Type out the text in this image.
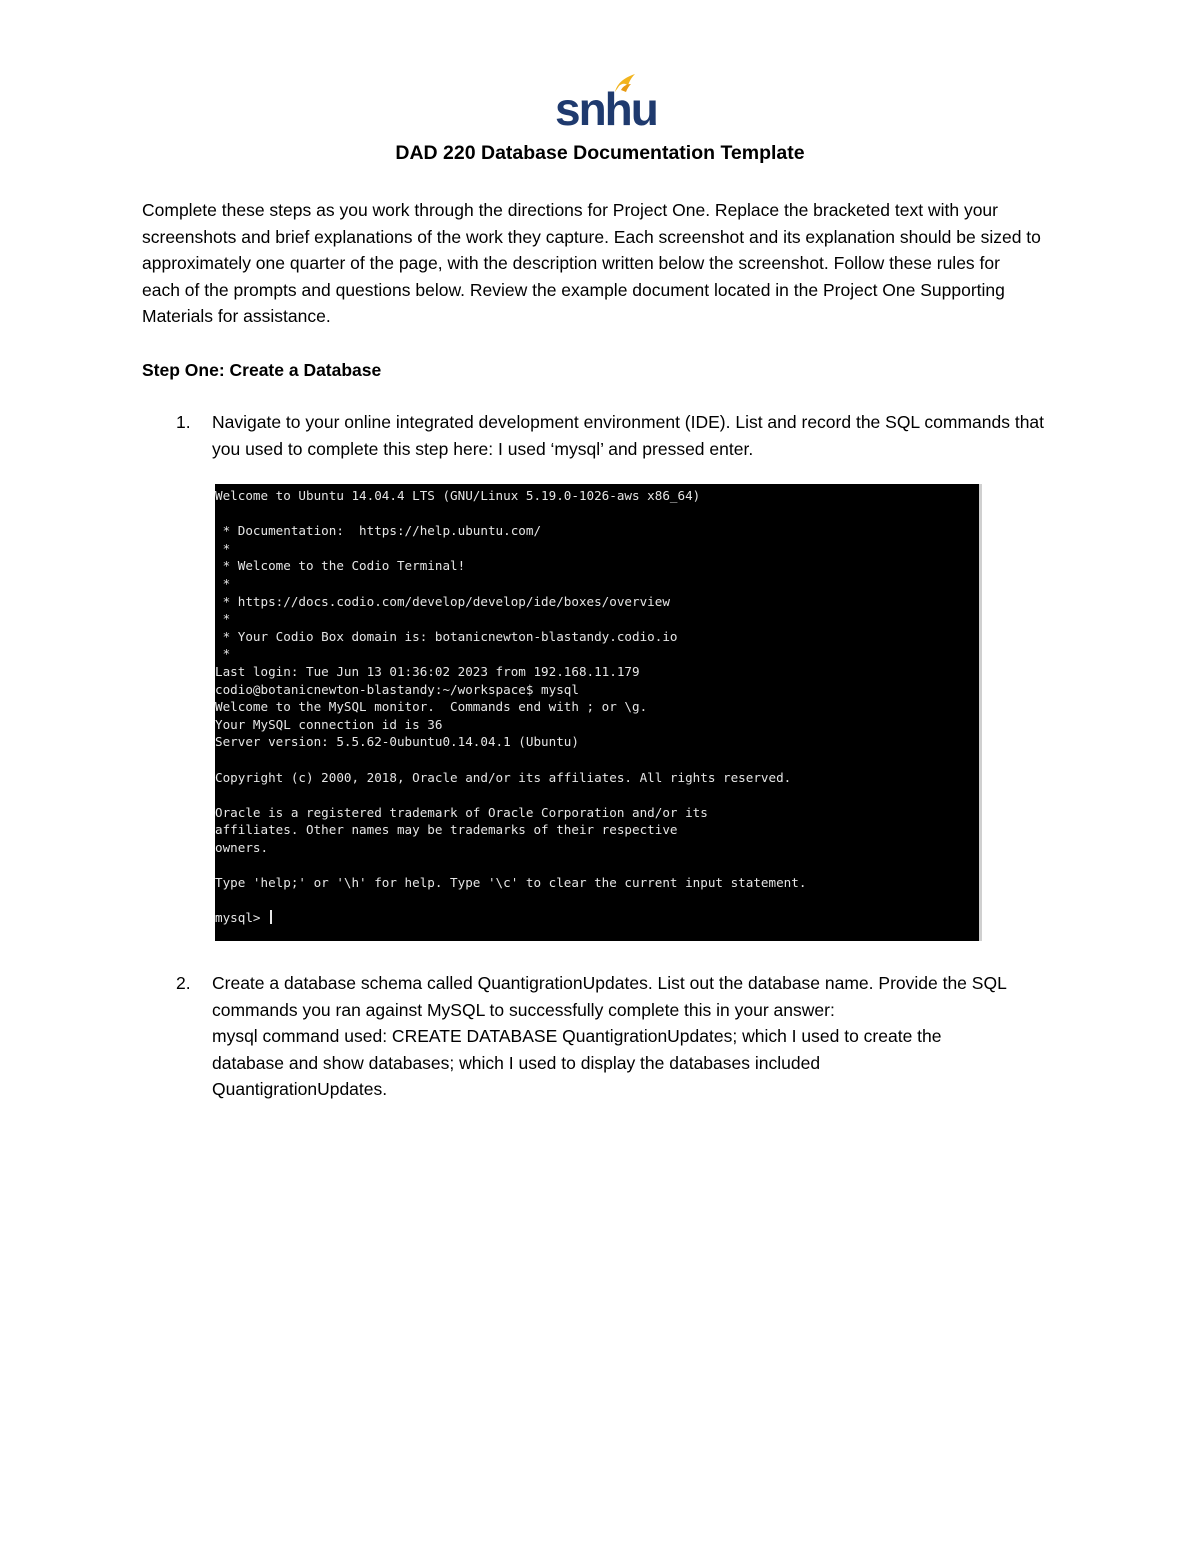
snhu
DAD 220 Database Documentation Template
Complete these steps as you work through the directions for Project One. Replace the bracketed text with your screenshots and brief explanations of the work they capture. Each screenshot and its explanation should be sized to approximately one quarter of the page, with the description written below the screenshot. Follow these rules for each of the prompts and questions below. Review the example document located in the Project One Supporting Materials for assistance.
Step One: Create a Database
1. Navigate to your online integrated development environment (IDE). List and record the SQL commands that you used to complete this step here: I used ‘mysql’ and pressed enter.
Welcome to Ubuntu 14.04.4 LTS (GNU/Linux 5.19.0-1026-aws x86_64)
* Documentation:  https://help.ubuntu.com/
*
* Welcome to the Codio Terminal!
*
* https://docs.codio.com/develop/develop/ide/boxes/overview
*
* Your Codio Box domain is: botanicnewton-blastandy.codio.io
*
Last login: Tue Jun 13 01:36:02 2023 from 192.168.11.179
codio@botanicnewton-blastandy:~/workspace$ mysql
Welcome to the MySQL monitor.  Commands end with ; or \g.
Your MySQL connection id is 36
Server version: 5.5.62-0ubuntu0.14.04.1 (Ubuntu)
Copyright (c) 2000, 2018, Oracle and/or its affiliates. All rights reserved.
Oracle is a registered trademark of Oracle Corporation and/or its
affiliates. Other names may be trademarks of their respective
owners.
Type 'help;' or '\h' for help. Type '\c' to clear the current input statement.
mysql>
2. Create a database schema called QuantigrationUpdates. List out the database name. Provide the SQL commands you ran against MySQL to successfully complete this in your answer:
mysql command used: CREATE DATABASE QuantigrationUpdates; which I used to create the
database and show databases; which I used to display the databases included
QuantigrationUpdates.
